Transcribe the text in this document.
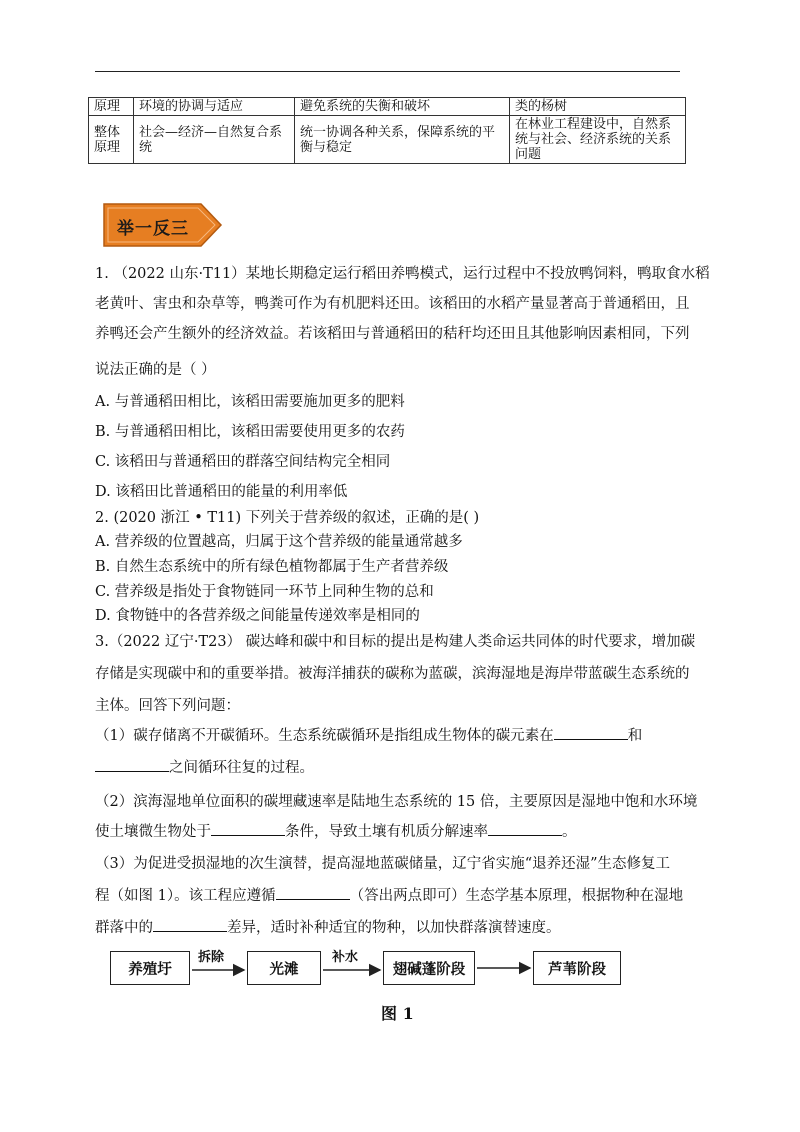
原理	环境的协调与适应	避免系统的失衡和破坏	类的杨树
整体原理	社会—经济—自然复合系统	统一协调各种关系，保障系统的平衡与稳定	在林业工程建设中，自然系统与社会、经济系统的关系问题
举一反三
1. （2022 山东·T11）某地长期稳定运行稻田养鸭模式，运行过程中不投放鸭饲料，鸭取食水稻
老黄叶、害虫和杂草等，鸭粪可作为有机肥料还田。该稻田的水稻产量显著高于普通稻田，且
养鸭还会产生额外的经济效益。若该稻田与普通稻田的秸秆均还田且其他影响因素相同，下列
说法正确的是（ ）
A. 与普通稻田相比，该稻田需要施加更多的肥料
B. 与普通稻田相比，该稻田需要使用更多的农药
C. 该稻田与普通稻田的群落空间结构完全相同
D. 该稻田比普通稻田的能量的利用率低
2. (2020 浙江 • T11) 下列关于营养级的叙述，正确的是( )
A. 营养级的位置越高，归属于这个营养级的能量通常越多
B. 自然生态系统中的所有绿色植物都属于生产者营养级
C. 营养级是指处于食物链同一环节上同种生物的总和
D. 食物链中的各营养级之间能量传递效率是相同的
3.（2022 辽宁·T23） 碳达峰和碳中和目标的提出是构建人类命运共同体的时代要求，增加碳
存储是实现碳中和的重要举措。被海洋捕获的碳称为蓝碳，滨海湿地是海岸带蓝碳生态系统的
主体。回答下列问题：
（1）碳存储离不开碳循环。生态系统碳循环是指组成生物体的碳元素在	和
之间循环往复的过程。
（2）滨海湿地单位面积的碳埋藏速率是陆地生态系统的 15 倍，主要原因是湿地中饱和水环境
使土壤微生物处于	条件，导致土壤有机质分解速率	。
（3）为促进受损湿地的次生演替，提高湿地蓝碳储量，辽宁省实施“退养还湿”生态修复工
程（如图 1）。该工程应遵循	（答出两点即可）生态学基本原理，根据物种在湿地
群落中的	差异，适时补种适宜的物种，以加快群落演替速度。
养殖圩	光滩	翅碱蓬阶段	芦苇阶段
拆除	补水
图 1
